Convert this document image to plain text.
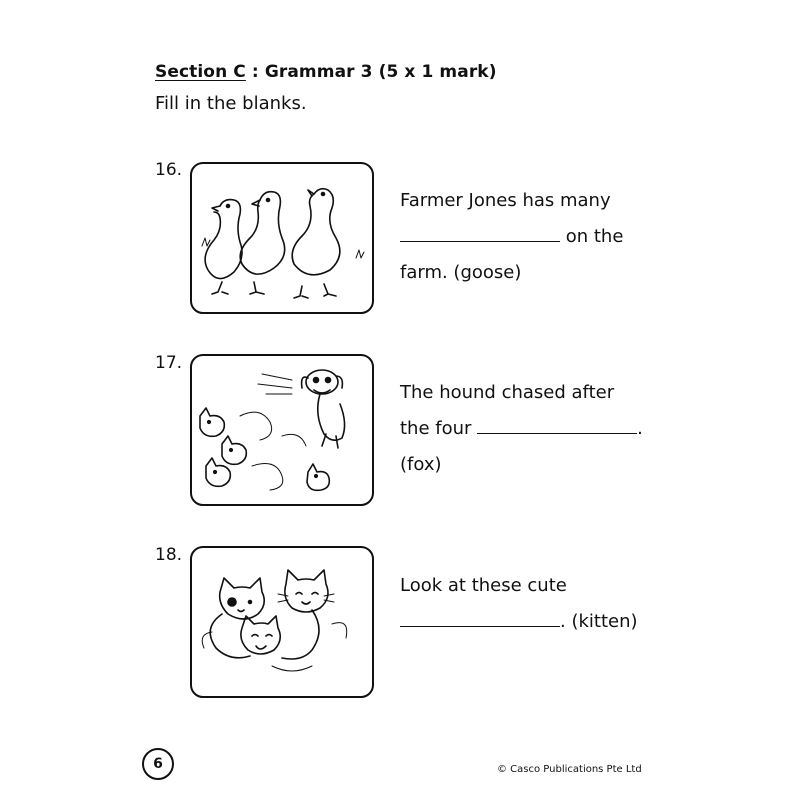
Section C : Grammar 3 (5 x 1 mark)
Fill in the blanks.
16.
Farmer Jones has many
on the
farm. (goose)
17.
The hound chased after
the four	.
(fox)
18.
Look at these cute
. (kitten)
6	© Casco Publications Pte Ltd
